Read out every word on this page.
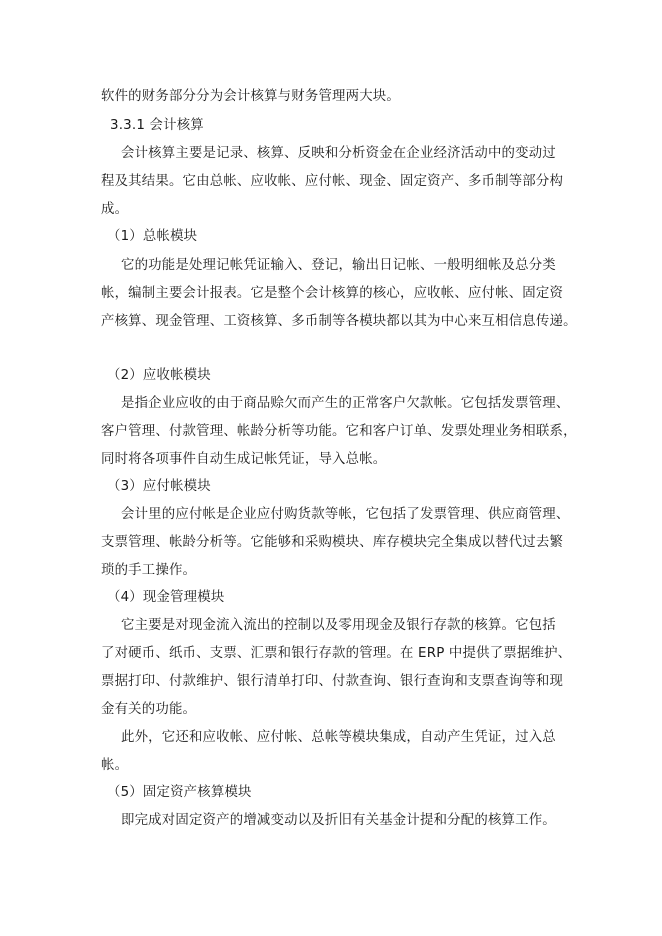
软件的财务部分分为会计核算与财务管理两大块。
3.3.1 会计核算
会计核算主要是记录、核算、反映和分析资金在企业经济活动中的变动过
程及其结果。它由总帐、应收帐、应付帐、现金、固定资产、多币制等部分构
成。
（1）总帐模块
它的功能是处理记帐凭证输入、登记，输出日记帐、一般明细帐及总分类
帐，编制主要会计报表。它是整个会计核算的核心，应收帐、应付帐、固定资
产核算、现金管理、工资核算、多币制等各模块都以其为中心来互相信息传递。
（2）应收帐模块
是指企业应收的由于商品赊欠而产生的正常客户欠款帐。它包括发票管理、
客户管理、付款管理、帐龄分析等功能。它和客户订单、发票处理业务相联系，
同时将各项事件自动生成记帐凭证，导入总帐。
（3）应付帐模块
会计里的应付帐是企业应付购货款等帐，它包括了发票管理、供应商管理、
支票管理、帐龄分析等。它能够和采购模块、库存模块完全集成以替代过去繁
琐的手工操作。
（4）现金管理模块
它主要是对现金流入流出的控制以及零用现金及银行存款的核算。它包括
了对硬币、纸币、支票、汇票和银行存款的管理。在 ERP 中提供了票据维护、
票据打印、付款维护、银行清单打印、付款查询、银行查询和支票查询等和现
金有关的功能。
此外，它还和应收帐、应付帐、总帐等模块集成，自动产生凭证，过入总
帐。
（5）固定资产核算模块
即完成对固定资产的增减变动以及折旧有关基金计提和分配的核算工作。
